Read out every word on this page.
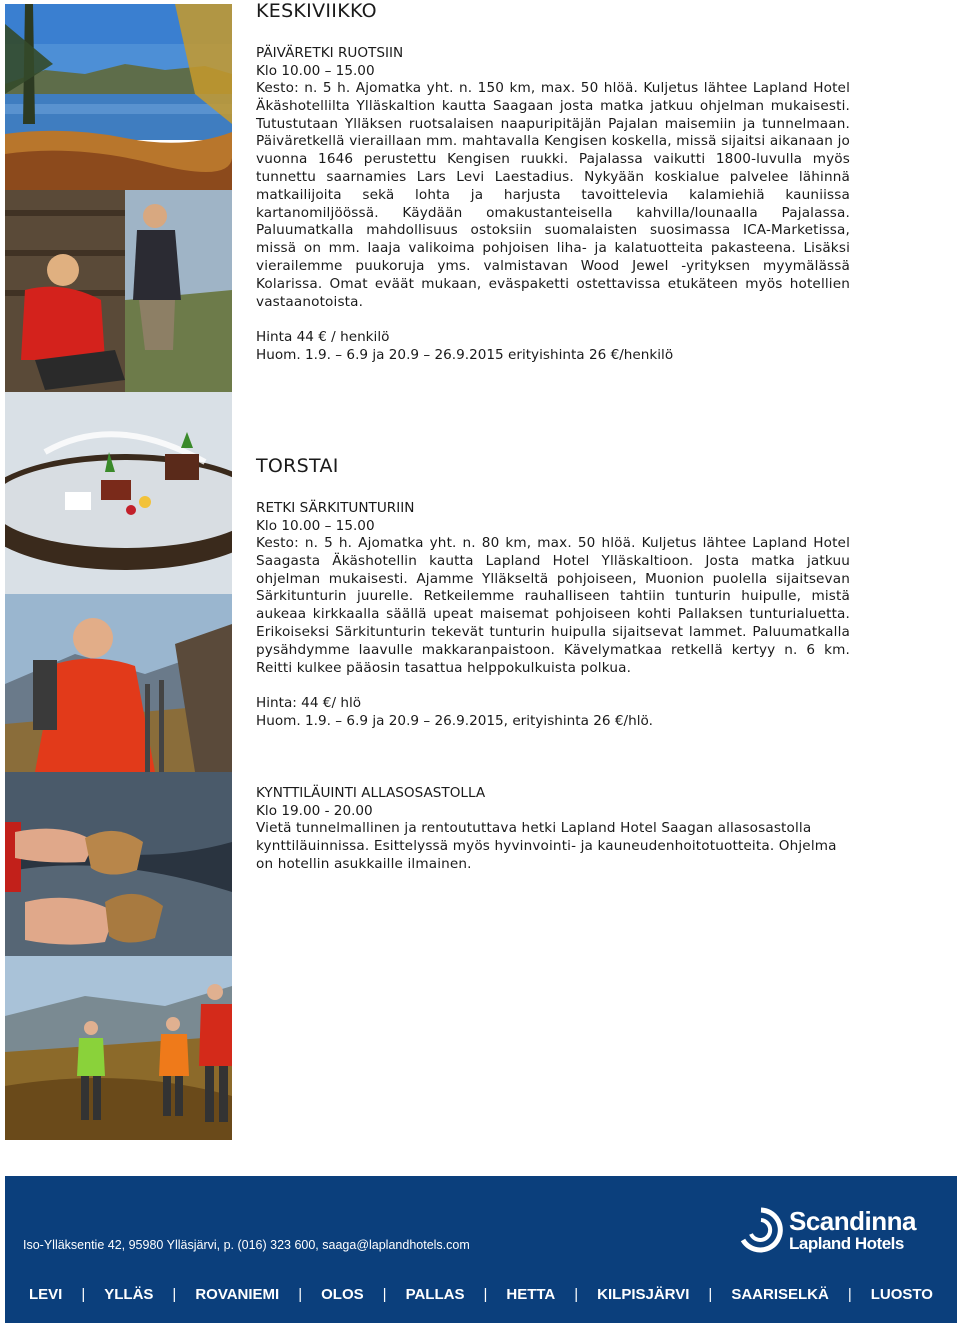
KESKIVIIKKO

PÄIVÄRETKI RUOTSIIN

Klo 10.00 – 15.00

Kesto: n. 5 h. Ajomatka yht. n. 150 km, max. 50 hlöä. Kuljetus lähtee Lapland Hotel Äkäshotellilta Ylläskaltion kautta Saagaan josta matka jatkuu ohjelman mukaisesti. Tutustutaan Ylläksen ruotsalaisen naapuripitäjän Pajalan maisemiin ja tunnelmaan. Päiväretkellä vieraillaan mm. mahtavalla Kengisen koskella, missä sijaitsi aikanaan jo vuonna 1646 perustettu Kengisen ruukki. Pajalassa vaikutti 1800-luvulla myös tunnettu saarnamies Lars Levi Laestadius. Nykyään koskialue palvelee lähinnä matkailijoita sekä lohta ja harjusta tavoittelevia kalamiehiä kauniissa kartanomiljöössä. Käydään omakustanteisella kahvilla/lounaalla Pajalassa. Paluumatkalla mahdollisuus ostoksiin suomalaisten suosimassa ICA-Marketissa, missä on mm. laaja valikoima pohjoisen liha- ja kalatuotteita pakasteena. Lisäksi vierailemme puukoruja yms. valmistavan Wood Jewel -yrityksen myymälässä Kolarissa. Omat eväät mukaan, eväspaketti ostettavissa etukäteen myös hotellien vastaanotoista.

Hinta 44 € / henkilö

Huom. 1.9. – 6.9 ja 20.9 – 26.9.2015 erityishinta 26 €/henkilö

TORSTAI

RETKI SÄRKITUNTURIIN

Klo 10.00 – 15.00

Kesto: n. 5 h. Ajomatka yht. n. 80 km, max. 50 hlöä. Kuljetus lähtee Lapland Hotel Saagasta Äkäshotellin kautta Lapland Hotel Ylläskaltioon. Josta matka jatkuu ohjelman mukaisesti. Ajamme Ylläkseltä pohjoiseen, Muonion puolella sijaitsevan Särkitunturin juurelle. Retkeilemme rauhalliseen tahtiin tunturin huipulle, mistä aukeaa kirkkaalla säällä upeat maisemat pohjoiseen kohti Pallaksen tunturialuetta. Erikoiseksi Särkitunturin tekevät tunturin huipulla sijaitsevat lammet. Paluumatkalla pysähdymme laavulle makkaranpaistoon. Kävelymatkaa retkellä kertyy n. 6 km. Reitti kulkee pääosin tasattua helppokulkuista polkua.

Hinta: 44 €/ hlö

Huom. 1.9. – 6.9 ja 20.9 – 26.9.2015, erityishinta 26 €/hlö.

KYNTTILÄUINTI ALLASOSASTOLLA

Klo 19.00 - 20.00

Vietä tunnelmallinen ja rentoututtava hetki Lapland Hotel Saagan allasosastolla kynttiläuinnissa. Esittelyssä myös hyvinvointi- ja kauneudenhoitotuotteita. Ohjelma on hotellin asukkaille ilmainen.

Iso-Ylläksentie 42, 95980 Ylläsjärvi, p. (016) 323 600, saaga@laplandhotels.com
Scandinna
Lapland Hotels
LEVI | YLLÄS | ROVANIEMI | OLOS | PALLAS | HETTA | KILPISJÄRVI | SAARISELKÄ | LUOSTO
